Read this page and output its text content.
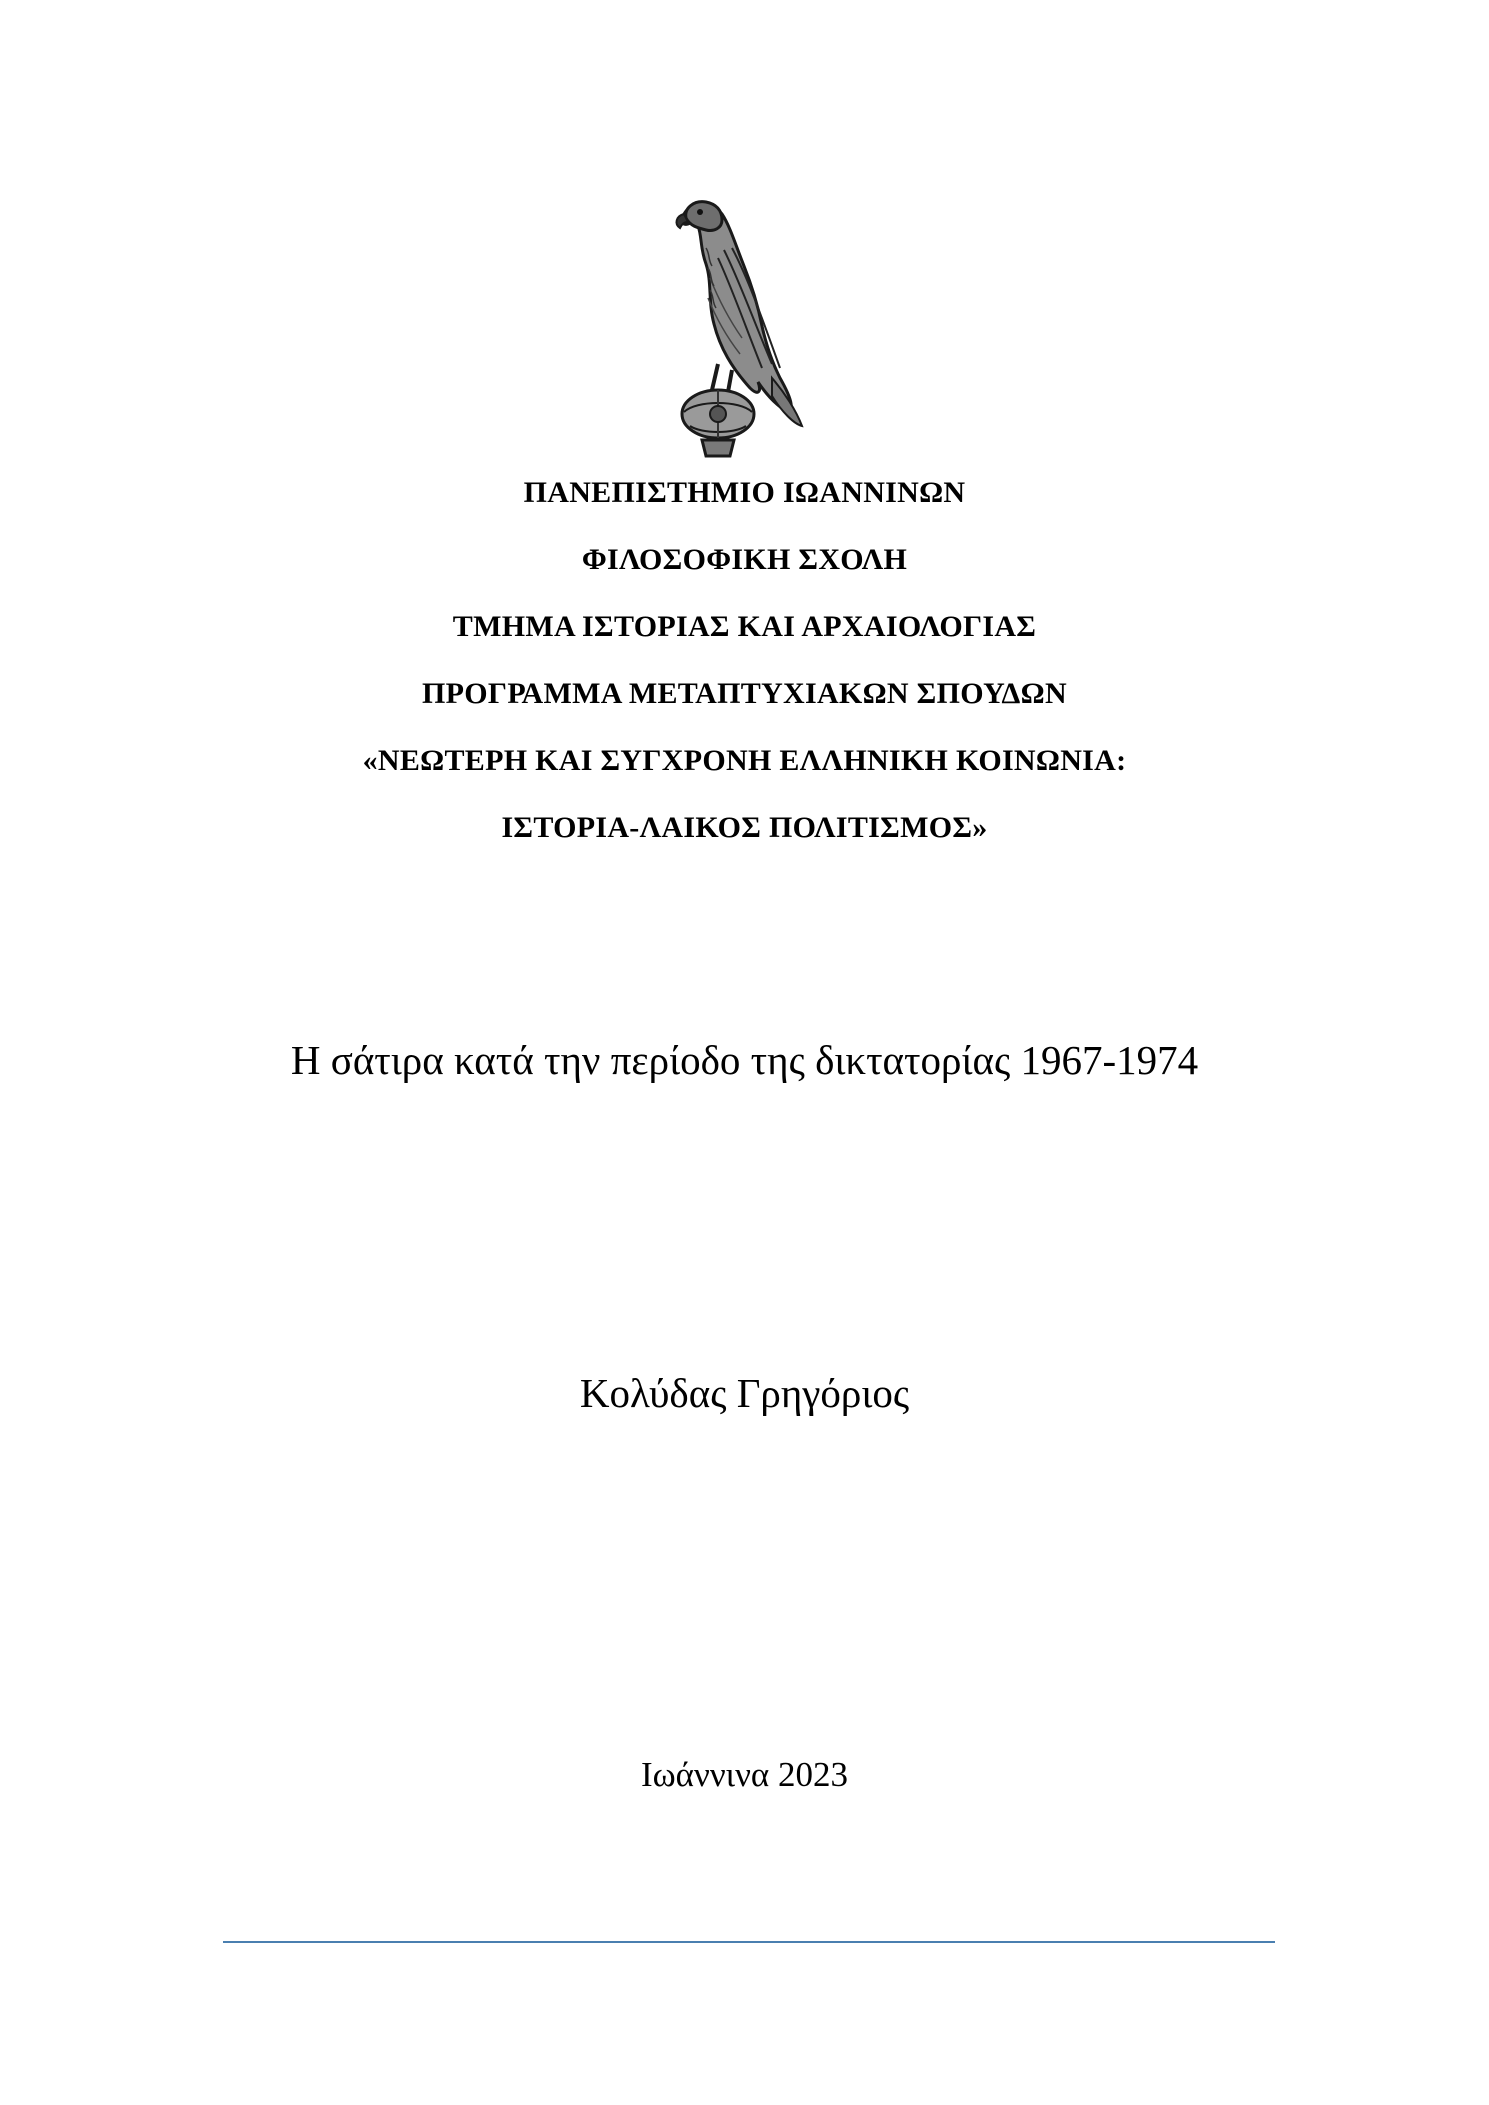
ΠΑΝΕΠΙΣΤΗΜΙΟ ΙΩΑΝΝΙΝΩΝ
ΦΙΛΟΣΟΦΙΚΗ ΣΧΟΛΗ
ΤΜΗΜΑ ΙΣΤΟΡΙΑΣ ΚΑΙ ΑΡΧΑΙΟΛΟΓΙΑΣ
ΠΡΟΓΡΑΜΜΑ ΜΕΤΑΠΤΥΧΙΑΚΩΝ ΣΠΟΥΔΩΝ
«ΝΕΩΤΕΡΗ ΚΑΙ ΣΥΓΧΡΟΝΗ ΕΛΛΗΝΙΚΗ ΚΟΙΝΩΝΙΑ:
ΙΣΤΟΡΙΑ-ΛΑΙΚΟΣ ΠΟΛΙΤΙΣΜΟΣ»
Η σάτιρα κατά την περίοδο της δικτατορίας 1967-1974
Κολύδας Γρηγόριος
Ιωάννινα 2023
